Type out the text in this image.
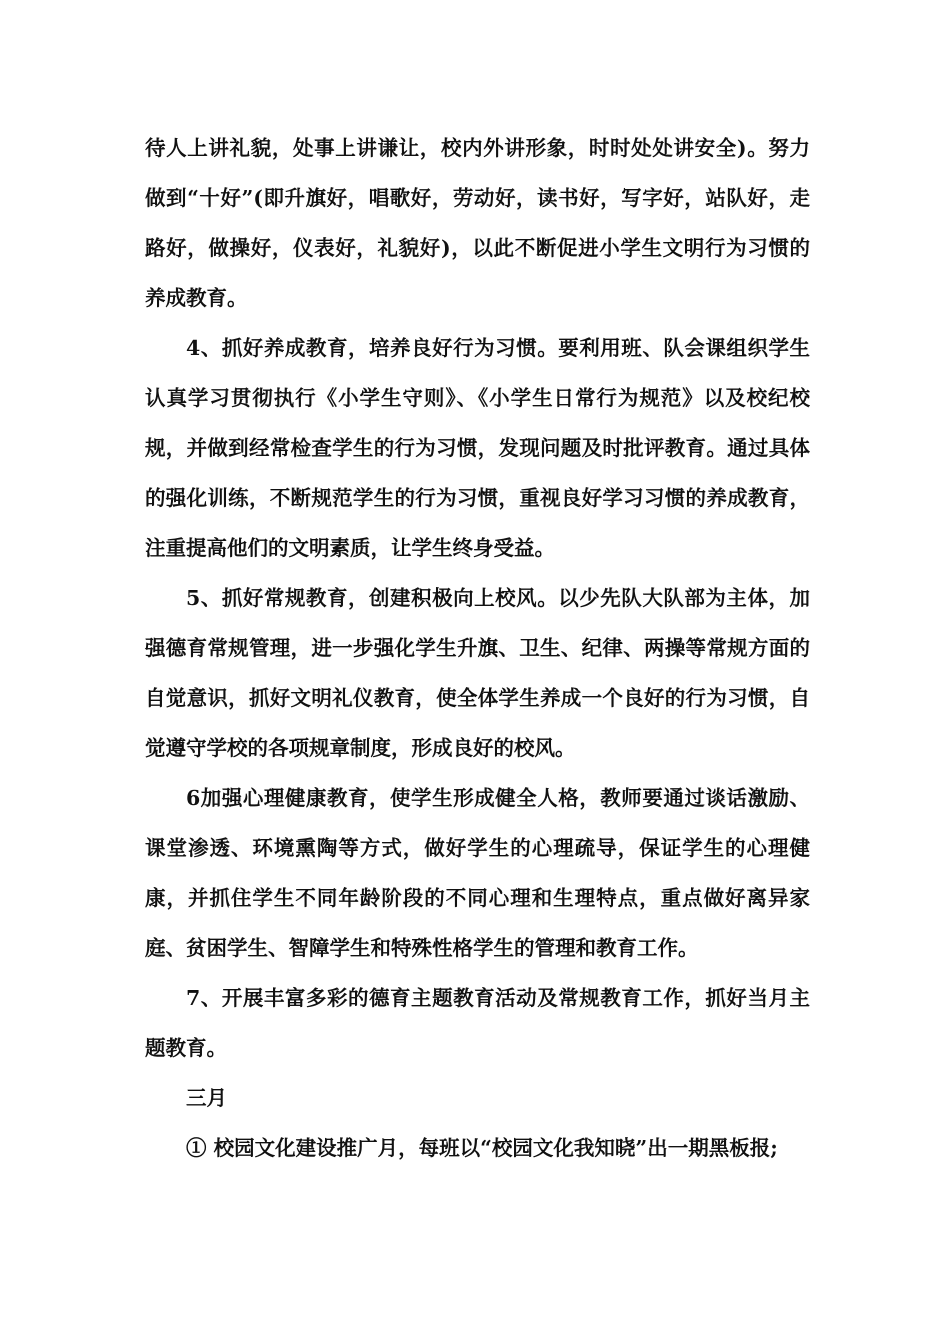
待人上讲礼貌，处事上讲谦让，校内外讲形象，时时处处讲安全)。努力做到“十好”(即升旗好，唱歌好，劳动好，读书好，写字好，站队好，走路好，做操好，仪表好，礼貌好)，以此不断促进小学生文明行为习惯的养成教育。

4、抓好养成教育，培养良好行为习惯。要利用班、队会课组织学生认真学习贯彻执行《小学生守则》、《小学生日常行为规范》以及校纪校规，并做到经常检查学生的行为习惯，发现问题及时批评教育。通过具体的强化训练，不断规范学生的行为习惯，重视良好学习习惯的养成教育，注重提高他们的文明素质，让学生终身受益。

5、抓好常规教育，创建积极向上校风。以少先队大队部为主体，加强德育常规管理，进一步强化学生升旗、卫生、纪律、两操等常规方面的自觉意识，抓好文明礼仪教育，使全体学生养成一个良好的行为习惯，自觉遵守学校的各项规章制度，形成良好的校风。

6加强心理健康教育，使学生形成健全人格，教师要通过谈话激励、课堂渗透、环境熏陶等方式，做好学生的心理疏导，保证学生的心理健康，并抓住学生不同年龄阶段的不同心理和生理特点，重点做好离异家庭、贫困学生、智障学生和特殊性格学生的管理和教育工作。

7、开展丰富多彩的德育主题教育活动及常规教育工作，抓好当月主题教育。

三月

① 校园文化建设推广月，每班以“校园文化我知晓”出一期黑板报;
